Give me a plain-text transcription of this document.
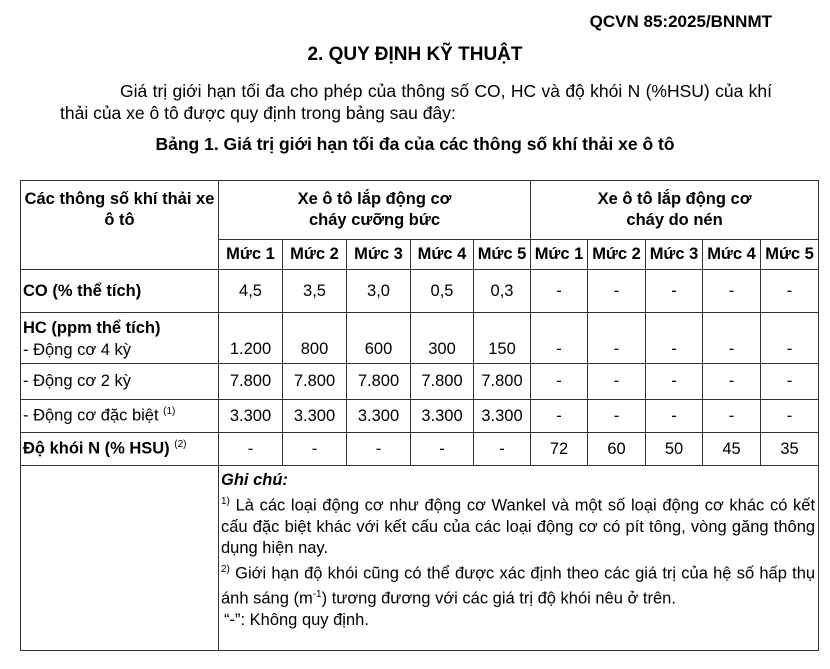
QCVN 85:2025/BNNMT
2. QUY ĐỊNH KỸ THUẬT
Giá trị giới hạn tối đa cho phép của thông số CO, HC và độ khói N (%HSU) của khí thải của xe ô tô được quy định trong bảng sau đây:
Bảng 1. Giá trị giới hạn tối đa của các thông số khí thải xe ô tô
Các thông số khí thải xe ô tô	Xe ô tô lắp động cơ cháy cưỡng bức					Xe ô tô lắp động cơ cháy do nén				
	Mức 1	Mức 2	Mức 3	Mức 4	Mức 5	Mức 1	Mức 2	Mức 3	Mức 4	Mức 5
CO (% thể tích)	4,5	3,5	3,0	0,5	0,3	-	-	-	-	-

HC (ppm thể tích)
- Động cơ 4 kỳ	1.200	800	600	300	150	-	-	-	-	-
- Động cơ 2 kỳ	7.800	7.800	7.800	7.800	7.800	-	-	-	-	-
- Động cơ đặc biệt $^{(1)}$	3.300	3.300	3.300	3.300	3.300	-	-	-	-	-
Độ khói N (% HSU) $^{(2)}$	-	-	-	-	-	72	60	50	45	35

	Ghi chú:
$^{1)}$ Là các loại động cơ như động cơ Wankel và một số loại động cơ khác có kết cấu đặc biệt khác với kết cấu của các loại động cơ có pít tông, vòng găng thông dụng hiện nay.
$^{2)}$ Giới hạn độ khói cũng có thể được xác định theo các giá trị của hệ số hấp thụ ánh sáng $(m^{-1})$ tương đương với các giá trị độ khói nêu ở trên.
“-”: Không quy định.									
